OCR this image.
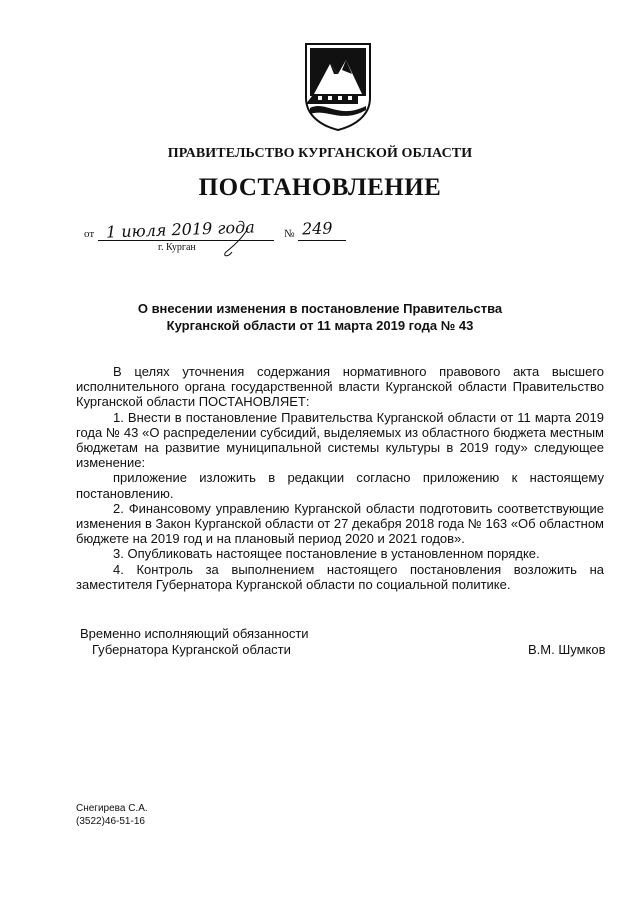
ПРАВИТЕЛЬСТВО КУРГАНСКОЙ ОБЛАСТИ
ПОСТАНОВЛЕНИЕ
от 1 июля 2019 года	№ 249
г. Курган
О внесении изменения в постановление Правительства
Курганской области от 11 марта 2019 года № 43

В целях уточнения содержания нормативного правового акта высшего исполнительного органа государственной власти Курганской области Правительство Курганской области ПОСТАНОВЛЯЕТ:

1. Внести в постановление Правительства Курганской области от 11 марта 2019 года № 43 «О распределении субсидий, выделяемых из областного бюджета местным бюджетам на развитие муниципальной системы культуры в 2019 году» следующее изменение:

приложение изложить в редакции согласно приложению к настоящему постановлению.

2. Финансовому управлению Курганской области подготовить соответствующие изменения в Закон Курганской области от 27 декабря 2018 года № 163 «Об областном бюджете на 2019 год и на плановый период 2020 и 2021 годов».

3. Опубликовать настоящее постановление в установленном порядке.

4. Контроль за выполнением настоящего постановления возложить на заместителя Губернатора Курганской области по социальной политике.

Временно исполняющий обязанности
Губернатора Курганской области	В.М. Шумков
Снегирева С.А.
(3522)46-51-16
